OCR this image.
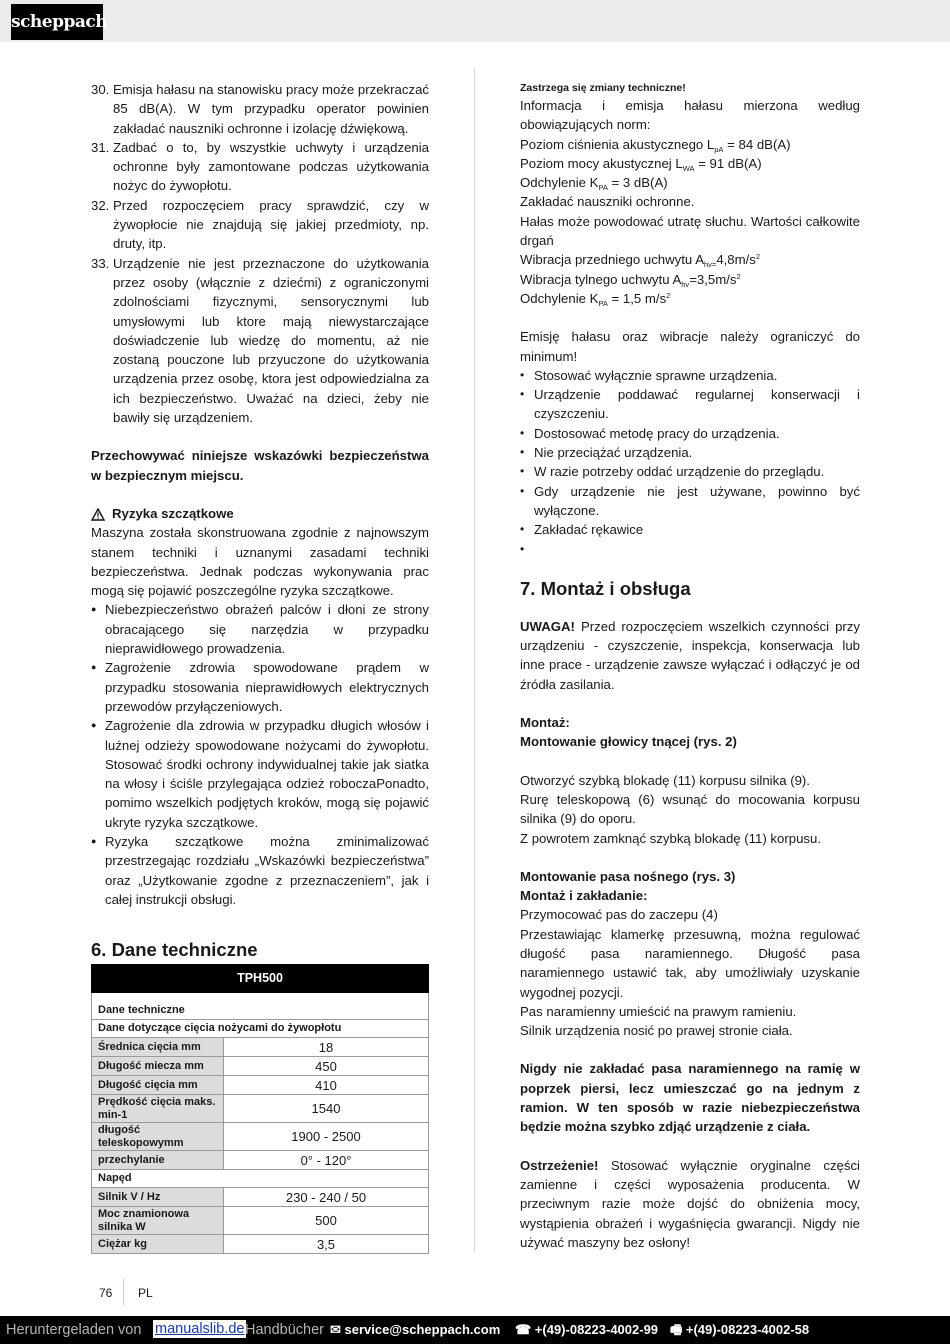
scheppach
30. Emisja hałasu na stanowisku pracy może przekraczać 85 dB(A). W tym przypadku operator powinien zakładać nauszniki ochronne i izolację dźwiękową.
31. Zadbać o to, by wszystkie uchwyty i urządzenia ochronne były zamontowane podczas użytkowania nożyc do żywopłotu.
32. Przed rozpoczęciem pracy sprawdzić, czy w żywopłocie nie znajdują się jakiej przedmioty, np. druty, itp.
33. Urządzenie nie jest przeznaczone do użytkowania przez osoby (włącznie z dziećmi) z ograniczonymi zdolnościami fizycznymi, sensorycznymi lub umysłowymi lub ktore mają niewystarczające doświadczenie lub wiedzę do momentu, aż nie zostaną pouczone lub przyuczone do użytkowania urządzenia przez osobę, ktora jest odpowiedzialna za ich bezpieczeństwo. Uważać na dzieci, żeby nie bawiły się urządzeniem.

Przechowywać niniejsze wskazówki bezpieczeństwa w bezpiecznym miejscu.

Ryzyka szczątkowe

Maszyna została skonstruowana zgodnie z najnowszym stanem techniki i uznanymi zasadami techniki bezpieczeństwa. Jednak podczas wykonywania prac mogą się pojawić poszczególne ryzyka szczątkowe.

● Niebezpieczeństwo obrażeń palców i dłoni ze strony obracającego się narzędzia w przypadku nieprawidłowego prowadzenia.
● Zagrożenie zdrowia spowodowane prądem w przypadku stosowania nieprawidłowych elektrycznych przewodów przyłączeniowych.
● Zagrożenie dla zdrowia w przypadku długich włosów i luźnej odzieży spowodowane nożycami do żywopłotu. Stosować środki ochrony indywidualnej takie jak siatka na włosy i ściśle przylegająca odzież roboczaPonadto, pomimo wszelkich podjętych kroków, mogą się pojawić ukryte ryzyka szczątkowe.
● Ryzyka szczątkowe można zminimalizować przestrzegając rozdziału „Wskazówki bezpieczeństwa” oraz „Użytkowanie zgodne z przeznaczeniem”, jak i całej instrukcji obsługi.
6. Dane techniczne
TPH500	
Dane techniczne	
Dane dotyczące cięcia nożycami do żywopłotu	
Średnica cięcia mm	18
Długość miecza mm	450
Długość cięcia mm	410
Prędkość cięcia maks. min-1	1540
długość teleskopowymm	1900 - 2500
przechylanie	0° - 120°
Napęd	
Silnik V / Hz	230 - 240 / 50
Moc znamionowa silnika W	500
Ciężar kg	3,5
Zastrzega się zmiany techniczne!

Informacja i emisja hałasu mierzona według obowiązujących norm:

Poziom ciśnienia akustycznego $L_{pA} = 84$ dB(A)
Poziom mocy akustycznej $L_{WA} = 91$ dB(A)
Odchylenie $K_{PA} = 3$ dB(A)
Zakładać nauszniki ochronne.

Hałas może powodować utratę słuchu. Wartości całkowite drgań

Wibracja przedniego uchwytu $A_{hv=}4,8m/s^2$
Wibracja tylnego uchwytu $A_{hv}=3,5m/s^2$
Odchylenie $K_{PA} = 1,5$ $m/s^2$

Emisję hałasu oraz wibracje należy ograniczyć do minimum!

• Stosować wyłącznie sprawne urządzenia.
• Urządzenie poddawać regularnej konserwacji i czyszczeniu.
• Dostosować metodę pracy do urządzenia.
• Nie przeciążać urządzenia.
• W razie potrzeby oddać urządzenie do przeglądu.
• Gdy urządzenie nie jest używane, powinno być wyłączone.
• Zakładać rękawice
•
7. Montaż i obsługa

UWAGA! Przed rozpoczęciem wszelkich czynności przy urządzeniu - czyszczenie, inspekcja, konserwacja lub inne prace - urządzenie zawsze wyłączać i odłączyć je od źródła zasilania.

Montaż:
Montowanie głowicy tnącej (rys. 2)

Otworzyć szybką blokadę (11) korpusu silnika (9).

Rurę teleskopową (6) wsunąć do mocowania korpusu silnika (9) do oporu.

Z powrotem zamknąć szybką blokadę (11) korpusu.

Montowanie pasa nośnego (rys. 3)
Montaż i zakładanie:

Przymocować pas do zaczepu (4)

Przestawiając klamerkę przesuwną, można regulować długość pasa naramiennego. Długość pasa naramiennego ustawić tak, aby umożliwiały uzyskanie wygodnej pozycji.

Pas naramienny umieścić na prawym ramieniu.

Silnik urządzenia nosić po prawej stronie ciała.

Nigdy nie zakładać pasa naramiennego na ramię w poprzek piersi, lecz umieszczać go na jednym z ramion. W ten sposób w razie niebezpieczeństwa będzie można szybko zdjąć urządzenie z ciała.

Ostrzeżenie! Stosować wyłącznie oryginalne części zamienne i części wyposażenia producenta. W przeciwnym razie może dojść do obniżenia mocy, wystąpienia obrażeń i wygaśnięcia gwarancji. Nigdy nie używać maszyny bez osłony!

76 PL
Heruntergeladen von manualslib.de Handbücher ✉ service@scheppach.com ☎ +(49)-08223-4002-99 🖷 +(49)-08223-4002-58
